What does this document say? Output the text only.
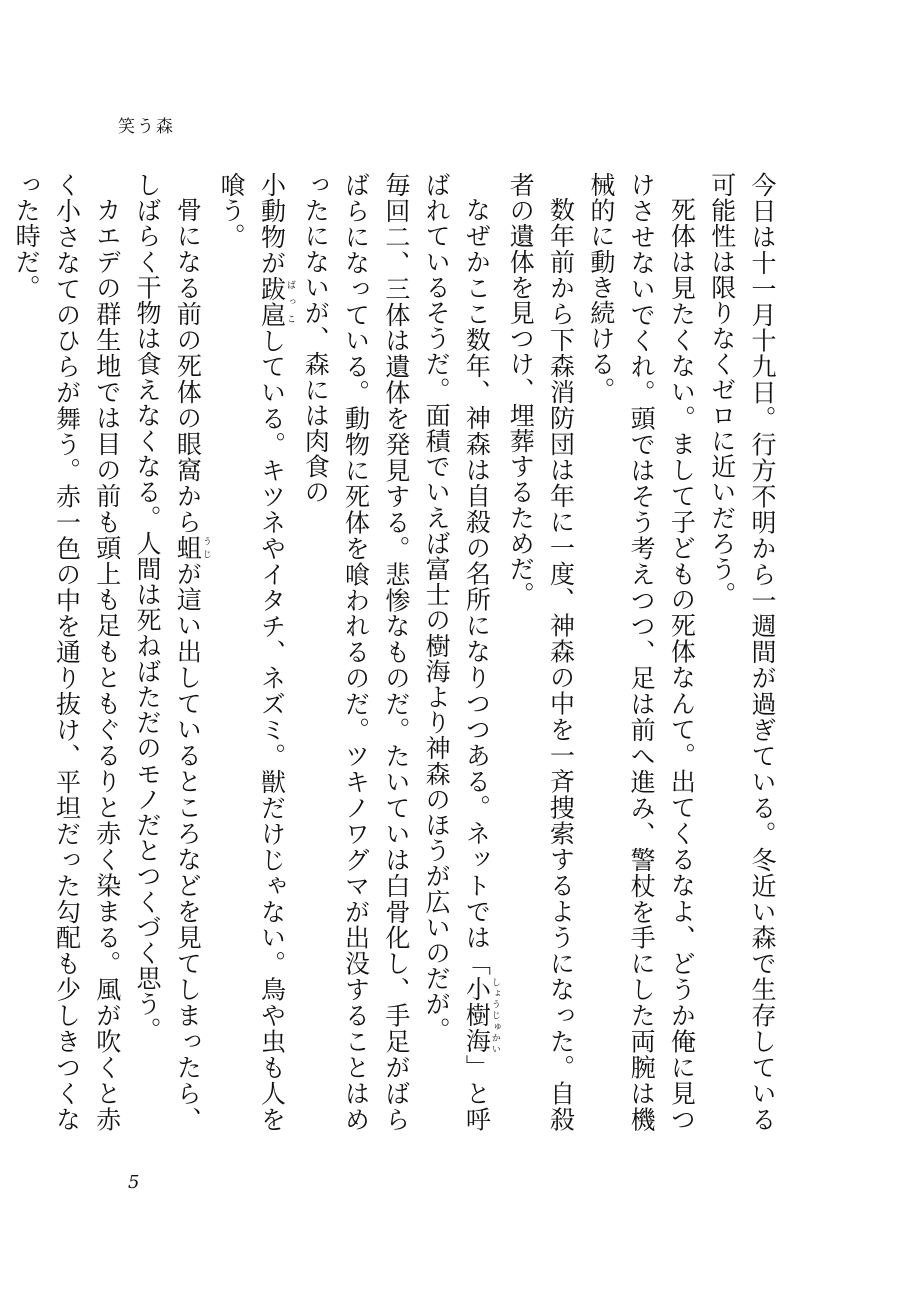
笑う森

今日は十一月十九日。行方不明から一週間が過ぎている。冬近い森で生存している可能性は限りなくゼロに近いだろう。

死体は見たくない。まして子どもの死体なんて。出てくるなよ、どうか俺に見つけさせないでくれ。頭ではそう考えつつ、足は前へ進み、警杖を手にした両腕は機械的に動き続ける。

数年前から下森消防団は年に一度、神森の中を一斉捜索するようになった。自殺者の遺体を見つけ、埋葬するためだ。

なぜかここ数年、神森は自殺の名所になりつつある。ネットでは「小樹海しょうじゅかい」と呼ばれているそうだ。面積でいえば富士の樹海より神森のほうが広いのだが。

毎回二、三体は遺体を発見する。悲惨なものだ。たいていは白骨化し、手足がばらばらになっている。動物に死体を喰われるのだ。ツキノワグマが出没することはめったにないが、森には肉食の

小動物が跋扈ばっこしている。キツネやイタチ、ネズミ。獣だけじゃない。鳥や虫も人を喰う。

骨になる前の死体の眼窩から蛆うじが這い出しているところなどを見てしまったら、しばらく干物は食えなくなる。人間は死ねばただのモノだとつくづく思う。

カエデの群生地では目の前も頭上も足もともぐるりと赤く染まる。風が吹くと赤く小さなてのひらが舞う。赤一色の中を通り抜け、平坦だった勾配も少しきつくなった時だ。

5
